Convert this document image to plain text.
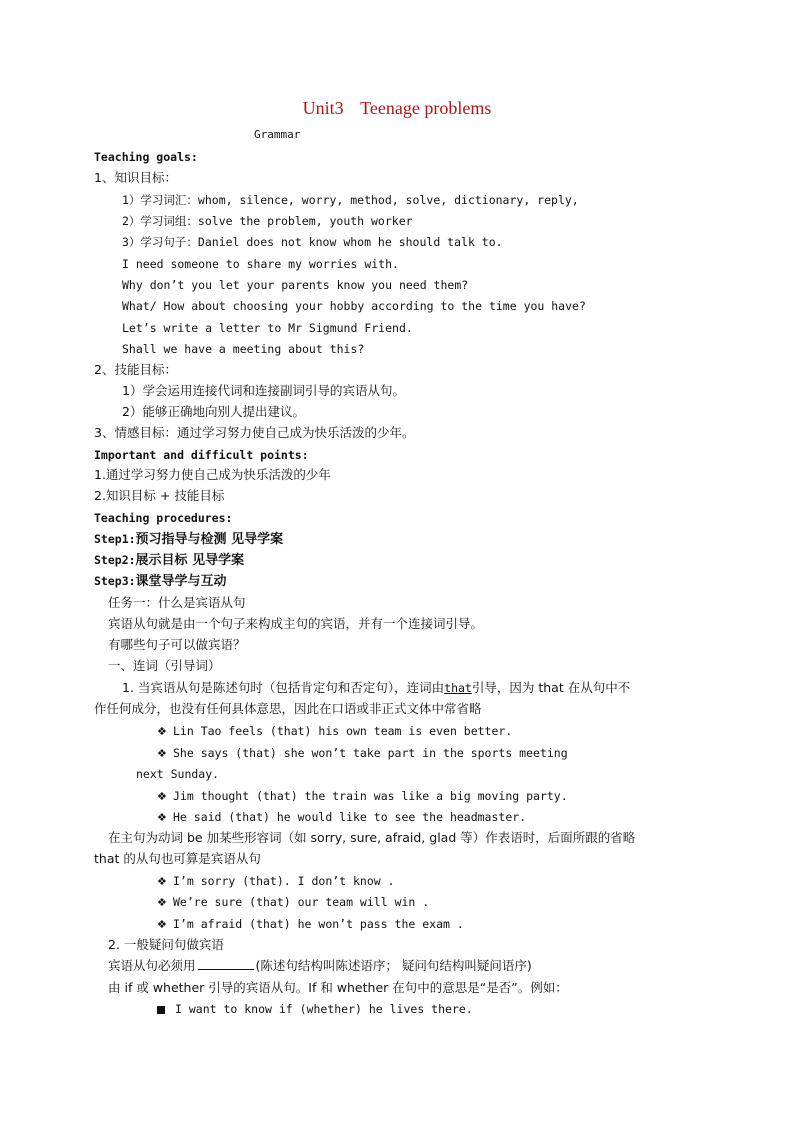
Unit3 Teenage problems
Grammar
Teaching goals:
1、知识目标：
1）学习词汇：whom, silence, worry, method, solve, dictionary, reply,
2）学习词组：solve the problem, youth worker
3）学习句子：Daniel does not know whom he should talk to.
I need someone to share my worries with.
Why don’t you let your parents know you need them?
What/ How about choosing your hobby according to the time you have?
Let’s write a letter to Mr Sigmund Friend.
Shall we have a meeting about this?
2、技能目标：
1）学会运用连接代词和连接副词引导的宾语从句。
2）能够正确地向别人提出建议。
3、情感目标：通过学习努力使自己成为快乐活泼的少年。
Important and difficult points:
1.通过学习努力使自己成为快乐活泼的少年
2.知识目标 + 技能目标
Teaching procedures:
Step1:预习指导与检测 见导学案
Step2:展示目标 见导学案
Step3:课堂导学与互动
任务一：什么是宾语从句
宾语从句就是由一个句子来构成主句的宾语，并有一个连接词引导。
有哪些句子可以做宾语？
一、连词（引导词）
1. 当宾语从句是陈述句时（包括肯定句和否定句），连词由that引导，因为 that 在从句中不
作任何成分，也没有任何具体意思，因此在口语或非正式文体中常省略
❖ Lin Tao feels (that) his own team is even better.
❖ She says (that) she won’t take part in the sports meeting
next Sunday.
❖ Jim thought (that) the train was like a big moving party.
❖ He said (that) he would like to see the headmaster.
在主句为动词 be 加某些形容词（如 sorry, sure, afraid, glad 等）作表语时，后面所跟的省略
that 的从句也可算是宾语从句
❖ I’m sorry (that). I don’t know .
❖ We’re sure (that) our team will win .
❖ I’m afraid (that) he won’t pass the exam .
2. 一般疑问句做宾语
宾语从句必须用	(陈述句结构叫陈述语序； 疑问句结构叫疑问语序)
由 if 或 whether 引导的宾语从句。If 和 whether 在句中的意思是“是否”。例如：
I want to know if (whether) he lives there.
